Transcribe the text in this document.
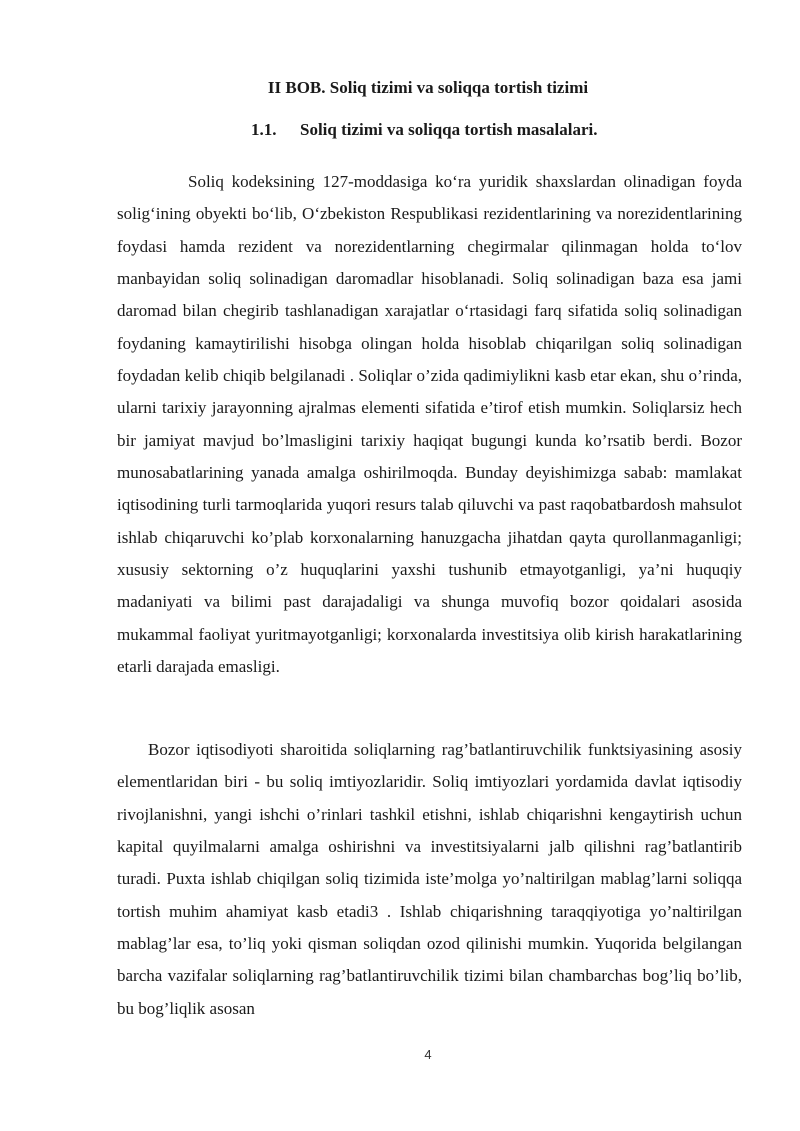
II BOB. Soliq tizimi va soliqqa tortish tizimi
1.1. Soliq tizimi va soliqqa tortish masalalari.

Soliq kodeksining 127-moddasiga ko‘ra yuridik shaxslardan olinadigan foyda solig‘ining obyekti bo‘lib, O‘zbekiston Respublikasi rezidentlarining va norezidentlarining foydasi hamda rezident va norezidentlarning chegirmalar qilinmagan holda to‘lov manbayidan soliq solinadigan daromadlar hisoblanadi. Soliq solinadigan baza esa jami daromad bilan chegirib tashlanadigan xarajatlar o‘rtasidagi farq sifatida soliq solinadigan foydaning kamaytirilishi hisobga olingan holda hisoblab chiqarilgan soliq solinadigan foydadan kelib chiqib belgilanadi . Soliqlar o’zida qadimiylikni kasb etar ekan, shu o’rinda, ularni tarixiy jarayonning ajralmas elementi sifatida e’tirof etish mumkin. Soliqlarsiz hech bir jamiyat mavjud bo’lmasligini tarixiy haqiqat bugungi kunda ko’rsatib berdi. Bozor munosabatlarining yanada amalga oshirilmoqda. Bunday deyishimizga sabab: mamlakat iqtisodining turli tarmoqlarida yuqori resurs talab qiluvchi va past raqobatbardosh mahsulot ishlab chiqaruvchi ko’plab korxonalarning hanuzgacha jihatdan qayta qurollanmaganligi; xususiy sektorning o’z huquqlarini yaxshi tushunib etmayotganligi, ya’ni huquqiy madaniyati va bilimi past darajadaligi va shunga muvofiq bozor qoidalari asosida mukammal faoliyat yuritmayotganligi; korxonalarda investitsiya olib kirish harakatlarining etarli darajada emasligi.

Bozor iqtisodiyoti sharoitida soliqlarning rag’batlantiruvchilik funktsiyasining asosiy elementlaridan biri - bu soliq imtiyozlaridir. Soliq imtiyozlari yordamida davlat iqtisodiy rivojlanishni, yangi ishchi o’rinlari tashkil etishni, ishlab chiqarishni kengaytirish uchun kapital quyilmalarni amalga oshirishni va investitsiyalarni jalb qilishni rag’batlantirib turadi. Puxta ishlab chiqilgan soliq tizimida iste’molga yo’naltirilgan mablag’larni soliqqa tortish muhim ahamiyat kasb etadi3 . Ishlab chiqarishning taraqqiyotiga yo’naltirilgan mablag’lar esa, to’liq yoki qisman soliqdan ozod qilinishi mumkin. Yuqorida belgilangan barcha vazifalar soliqlarning rag’batlantiruvchilik tizimi bilan chambarchas bog’liq bo’lib, bu bog’liqlik asosan

4
